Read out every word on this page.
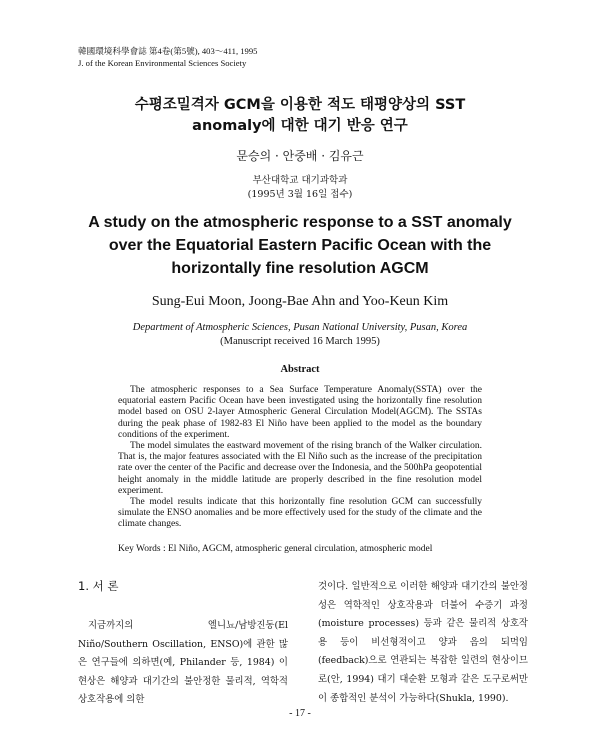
韓國環境科學會誌 第4卷(第5號), 403～411, 1995
J. of the Korean Environmental Sciences Society
수평조밀격자 GCM을 이용한 적도 태평양상의 SST
anomaly에 대한 대기 반응 연구
문승의 · 안중배 · 김유근
부산대학교 대기과학과
(1995년 3월 16일 접수)
A study on the atmospheric response to a SST anomaly
over the Equatorial Eastern Pacific Ocean with the
horizontally fine resolution AGCM
Sung-Eui Moon, Joong-Bae Ahn and Yoo-Keun Kim
Department of Atmospheric Sciences, Pusan National University, Pusan, Korea
(Manuscript received 16 March 1995)
Abstract

The atmospheric responses to a Sea Surface Temperature Anomaly(SSTA) over the equatorial eastern Pacific Ocean have been investigated using the horizontally fine resolution model based on OSU 2-layer Atmospheric General Circulation Model(AGCM). The SSTAs during the peak phase of 1982-83 El Niño have been applied to the model as the boundary conditions of the experiment.

The model simulates the eastward movement of the rising branch of the Walker circulation. That is, the major features associated with the El Niño such as the increase of the precipitation rate over the center of the Pacific and decrease over the Indonesia, and the 500hPa geopotential height anomaly in the middle latitude are properly described in the fine resolution model experiment.

The model results indicate that this horizontally fine resolution GCM can successfully simulate the ENSO anomalies and be more effectively used for the study of the climate and the climate changes.

Key Words : El Niño, AGCM, atmospheric general circulation, atmospheric model
1. 서 론

지금까지의 엘니뇨/남방진동(El Niño/Southern Oscillation, ENSO)에 관한 많은 연구들에 의하면(예, Philander 등, 1984) 이 현상은 해양과 대기간의 불안정한 물리적, 역학적 상호작용에 의한

것이다. 일반적으로 이러한 해양과 대기간의 불안정성은 역학적인 상호작용과 더불어 수증기 과정(moisture processes) 등과 같은 물리적 상호작용 등이 비선형적이고 양과 음의 되먹임(feedback)으로 연관되는 복잡한 일련의 현상이므로(안, 1994) 대기 대순환 모형과 같은 도구로써만이 종합적인 분석이 가능하다(Shukla, 1990).

- 17 -
